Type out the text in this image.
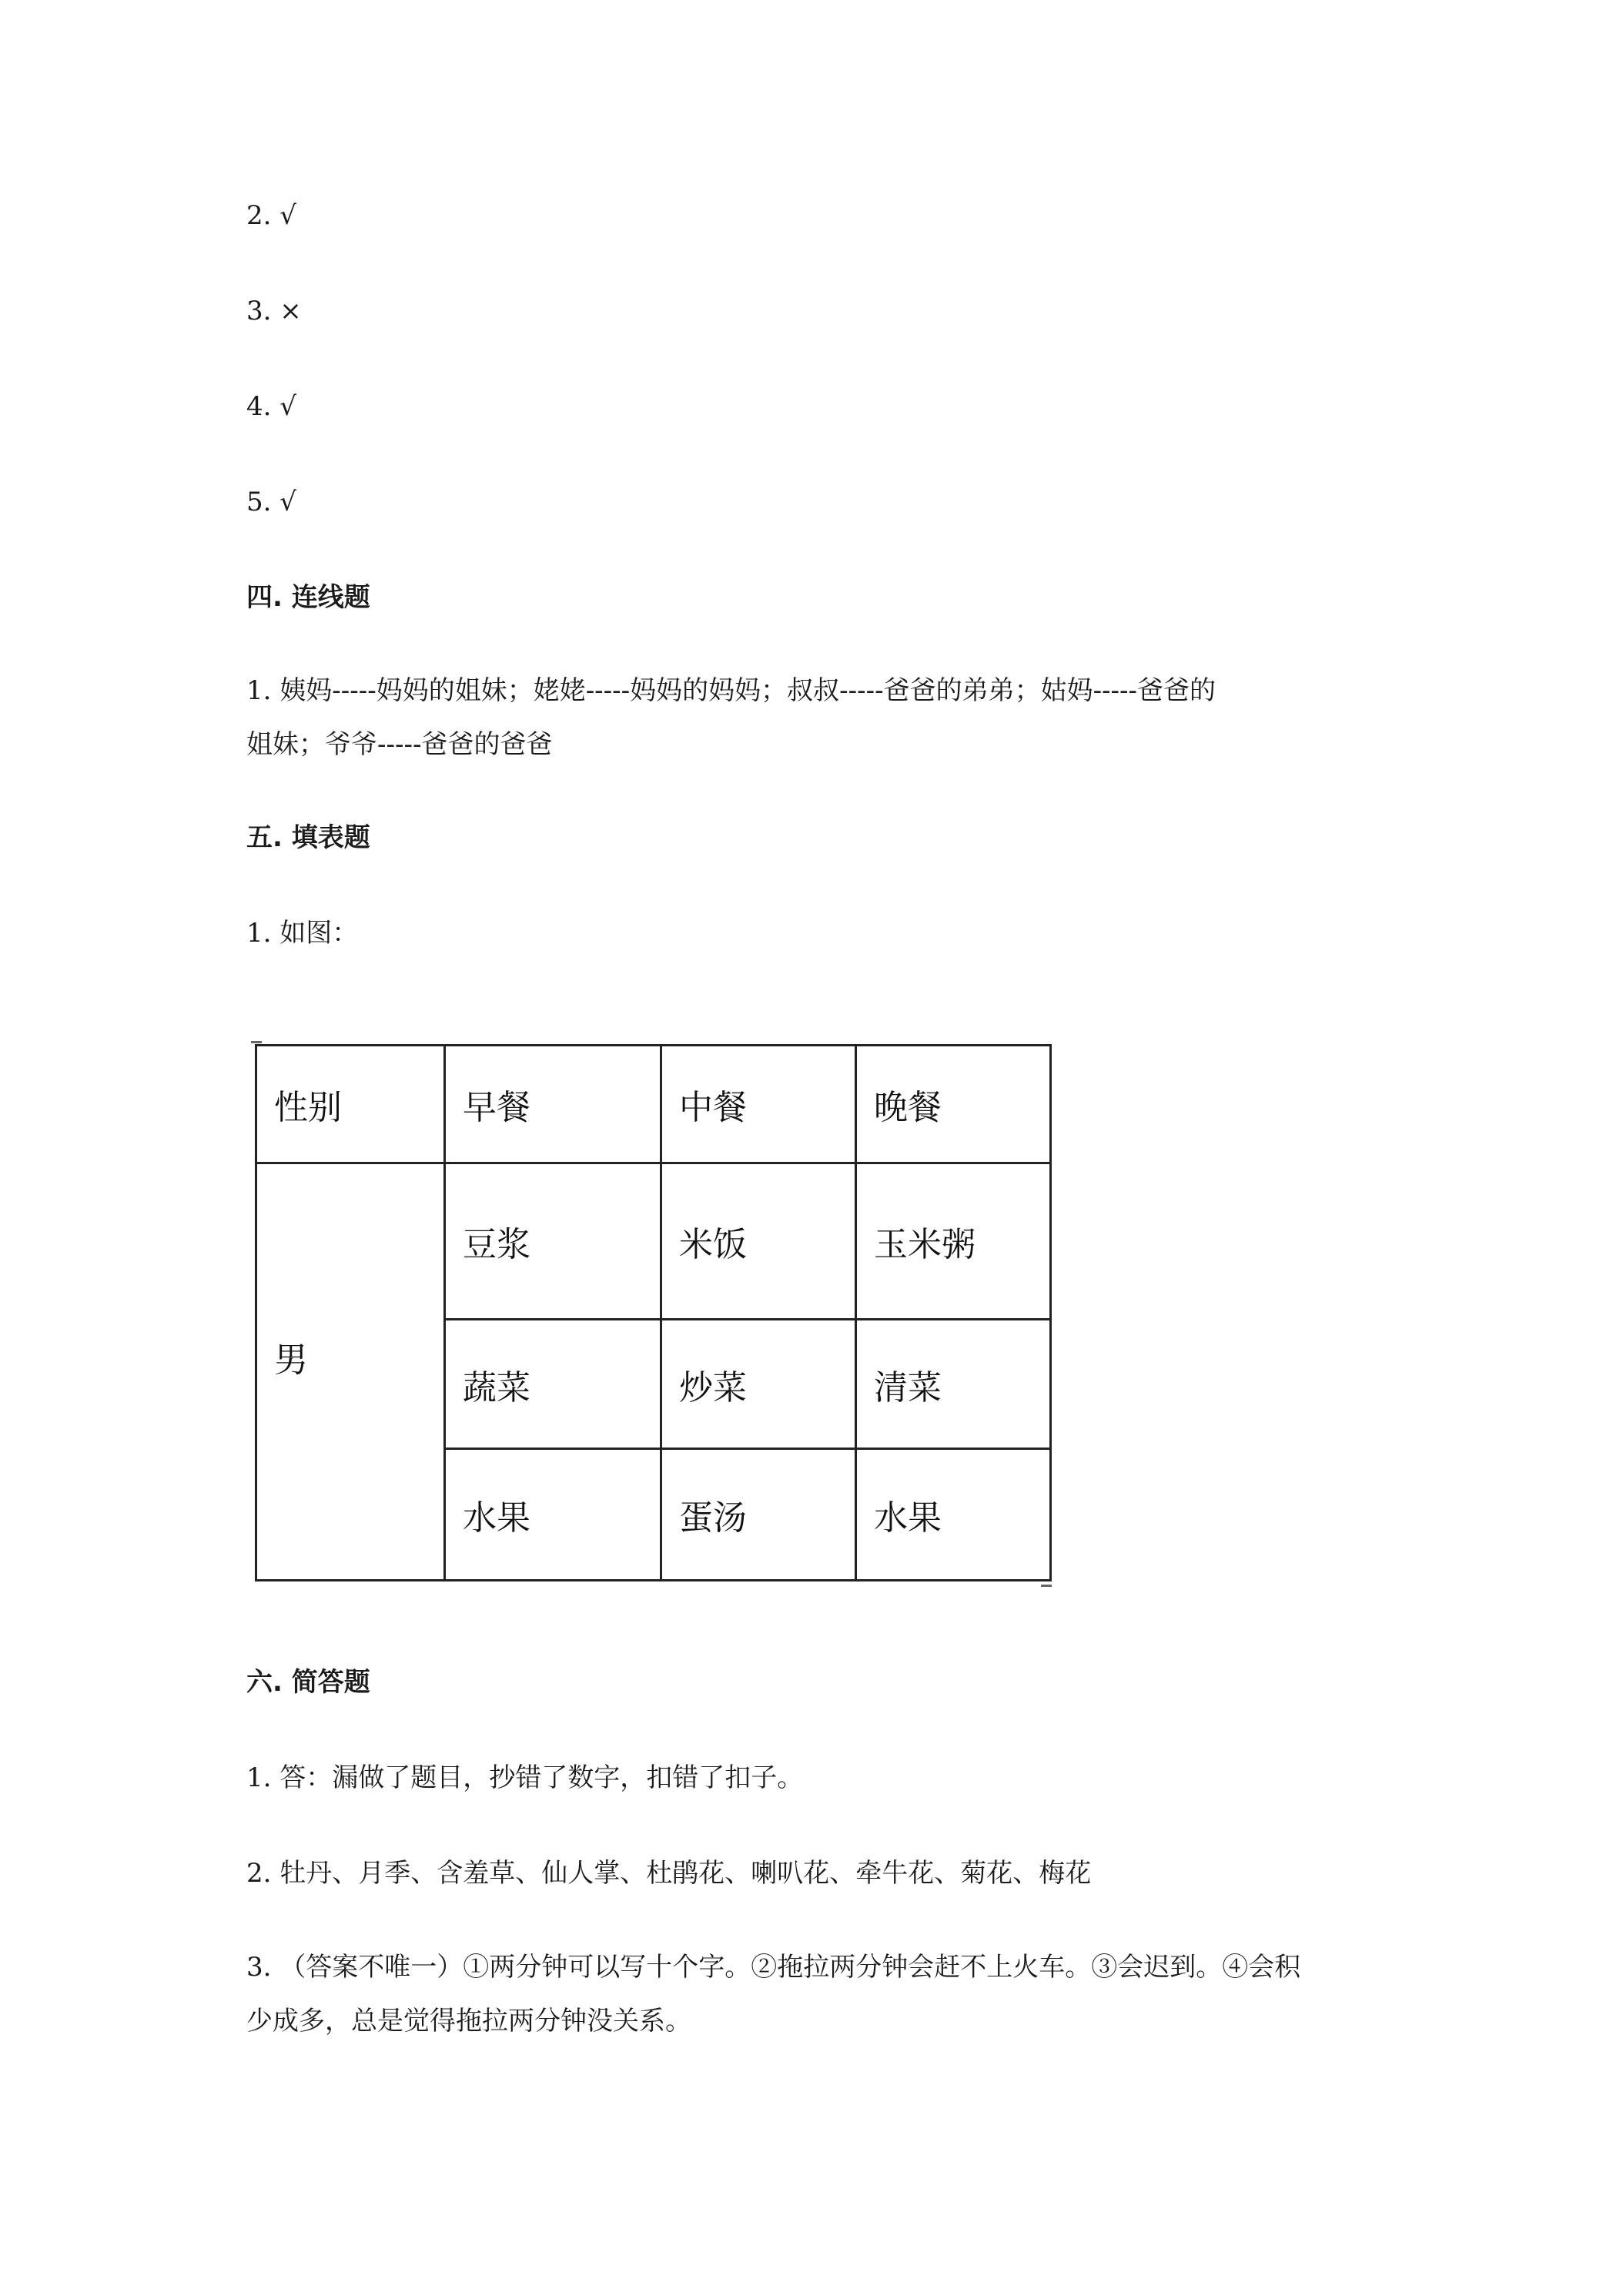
2. √
3. ×
4. √
5. √
四. 连线题
1. 姨妈-----妈妈的姐妹；姥姥-----妈妈的妈妈；叔叔-----爸爸的弟弟；姑妈-----爸爸的
姐妹；爷爷-----爸爸的爸爸
五. 填表题
1. 如图：
性别	早餐	中餐	晚餐
男	豆浆	米饭	玉米粥
	蔬菜	炒菜	清菜
	水果	蛋汤	水果
六. 简答题
1. 答：漏做了题目，抄错了数字，扣错了扣子。
2. 牡丹、月季、含羞草、仙人掌、杜鹃花、喇叭花、牵牛花、菊花、梅花
3. （答案不唯一）①两分钟可以写十个字。②拖拉两分钟会赶不上火车。③会迟到。④会积
少成多，总是觉得拖拉两分钟没关系。
